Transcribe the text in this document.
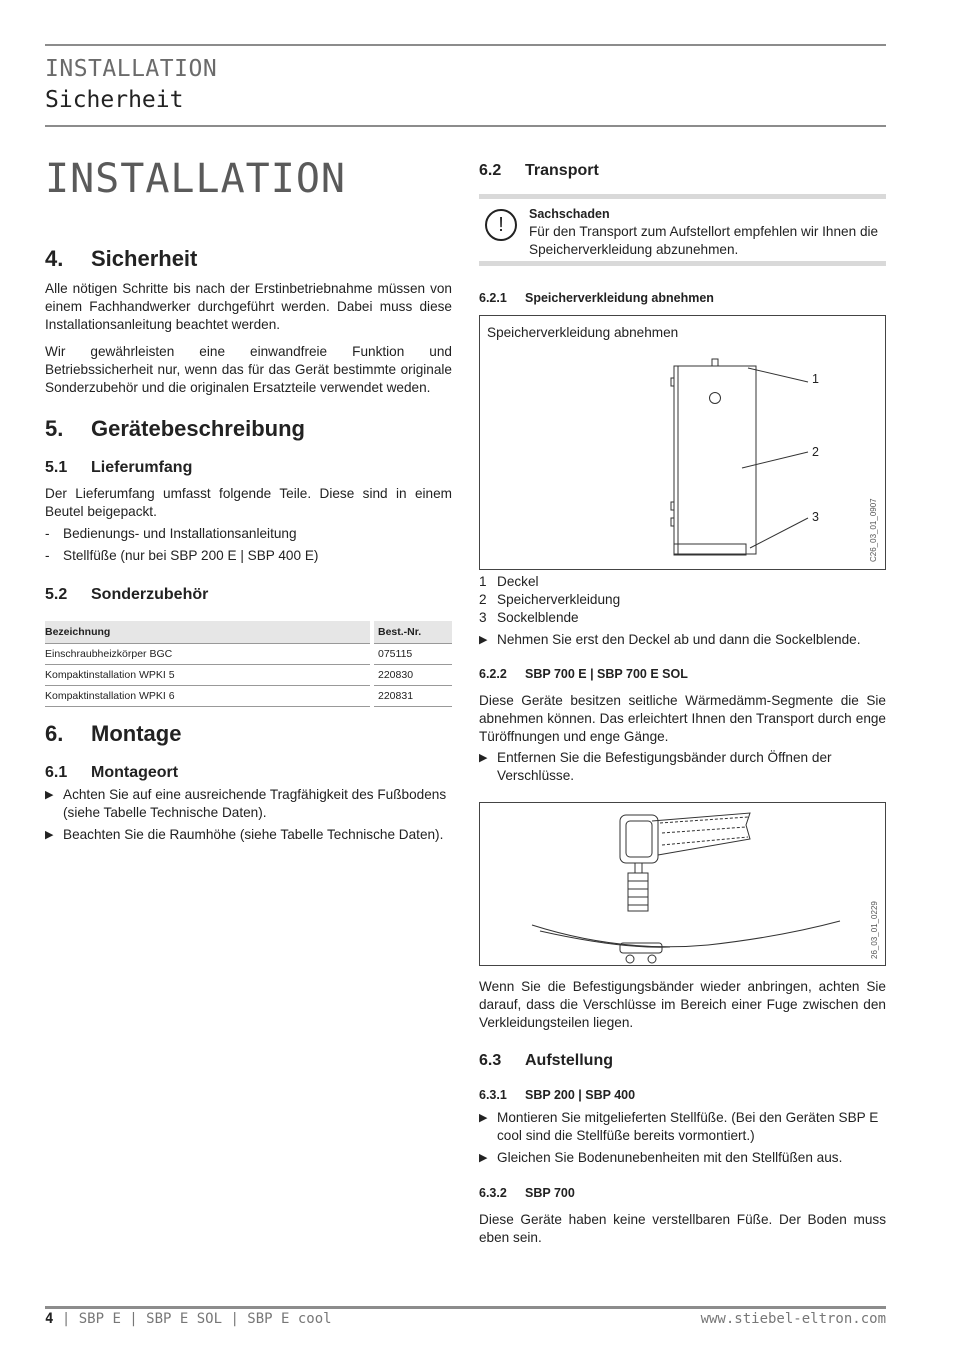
INSTALLATION
Sicherheit
INSTALLATION
4. Sicherheit

Alle nötigen Schritte bis nach der Erstinbetriebnahme müssen von einem Fachhandwerker durchgeführt werden. Dabei muss diese Installationsanleitung beachtet werden.

Wir gewährleisten eine einwandfreie Funktion und Betriebssicherheit nur, wenn das für das Gerät bestimmte originale Sonderzubehör und die originalen Ersatzteile verwendet weden.

5. Gerätebeschreibung
5.1 Lieferumfang

Der Lieferumfang umfasst folgende Teile. Diese sind in einem Beutel beigepackt.

- Bedienungs- und Installationsanleitung
- Stellfüße (nur bei SBP 200 E | SBP 400 E)
5.2 Sonderzubehör
Bezeichnung		Best.-Nr.
Einschraubheizkörper BGC		075115
Kompaktinstallation WPKI 5		220830
Kompaktinstallation WPKI 6		220831
6. Montage
6.1 Montageort
▶ Achten Sie auf eine ausreichende Tragfähigkeit des Fußbodens (siehe Tabelle Technische Daten).
▶ Beachten Sie die Raumhöhe (siehe Tabelle Technische Daten).
6.2 Transport
!	Sachschaden
Für den Transport zum Aufstellort empfehlen wir Ihnen die Speicherverkleidung abzunehmen.
6.2.1 Speicherverkleidung abnehmen
Speicherverkleidung abnehmen
1
2
3	C26_03_01_0907
1 Deckel
2 Speicherverkleidung
3 Sockelblende
▶ Nehmen Sie erst den Deckel ab und dann die Sockelblende.
6.2.2 SBP 700 E | SBP 700 E SOL

Diese Geräte besitzen seitliche Wärmedämm-Segmente die Sie abnehmen können. Das erleichtert Ihnen den Transport durch enge Türöffnungen und enge Gänge.

▶ Entfernen Sie die Befestigungsbänder durch Öffnen der Verschlüsse.
26_03_01_0229

Wenn Sie die Befestigungsbänder wieder anbringen, achten Sie darauf, dass die Verschlüsse im Bereich einer Fuge zwischen den Verkleidungsteilen liegen.

6.3 Aufstellung
6.3.1 SBP 200 | SBP 400
▶ Montieren Sie mitgelieferten Stellfüße. (Bei den Geräten SBP E cool sind die Stellfüße bereits vormontiert.)
▶ Gleichen Sie Bodenunebenheiten mit den Stellfüßen aus.
6.3.2 SBP 700

Diese Geräte haben keine verstellbaren Füße. Der Boden muss eben sein.

4 | SBP E | SBP E SOL | SBP E cool	www.stiebel-eltron.com
